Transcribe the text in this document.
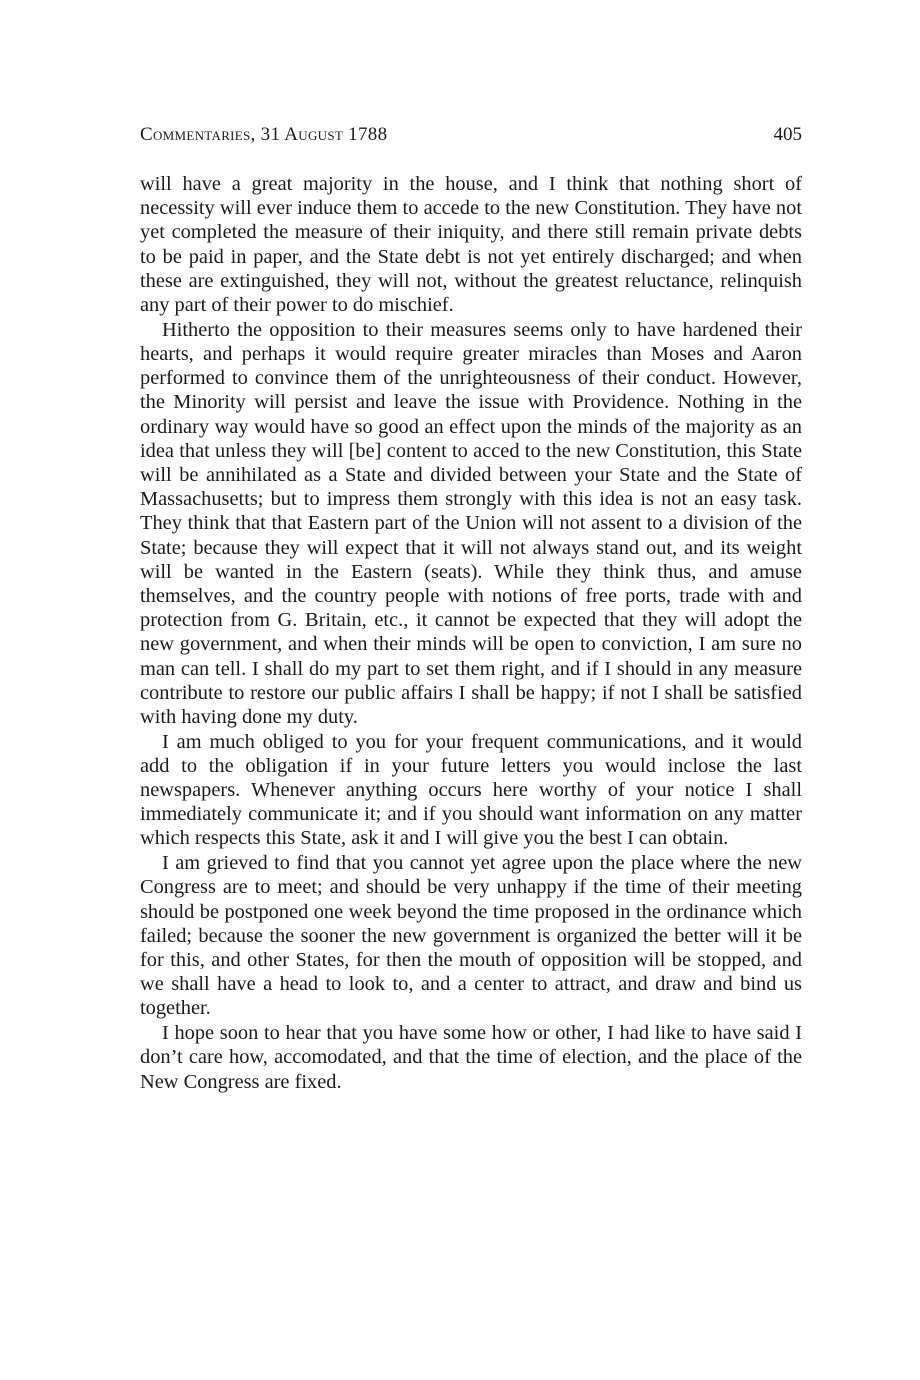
Commentaries, 31 August 1788	405

will have a great majority in the house, and I think that nothing short of necessity will ever induce them to accede to the new Constitution. They have not yet completed the measure of their iniquity, and there still remain private debts to be paid in paper, and the State debt is not yet entirely discharged; and when these are extinguished, they will not, without the greatest reluctance, relinquish any part of their power to do mischief.

Hitherto the opposition to their measures seems only to have hardened their hearts, and perhaps it would require greater miracles than Moses and Aaron performed to convince them of the unrighteousness of their conduct. However, the Minority will persist and leave the issue with Providence. Nothing in the ordinary way would have so good an effect upon the minds of the majority as an idea that unless they will [be] content to acced to the new Constitution, this State will be annihilated as a State and divided between your State and the State of Massachusetts; but to impress them strongly with this idea is not an easy task. They think that that Eastern part of the Union will not assent to a division of the State; because they will expect that it will not always stand out, and its weight will be wanted in the Eastern (seats). While they think thus, and amuse themselves, and the country people with notions of free ports, trade with and protection from G. Britain, etc., it cannot be expected that they will adopt the new government, and when their minds will be open to conviction, I am sure no man can tell. I shall do my part to set them right, and if I should in any measure contribute to restore our public affairs I shall be happy; if not I shall be satisfied with having done my duty.

I am much obliged to you for your frequent communications, and it would add to the obligation if in your future letters you would inclose the last newspapers. Whenever anything occurs here worthy of your notice I shall immediately communicate it; and if you should want information on any matter which respects this State, ask it and I will give you the best I can obtain.

I am grieved to find that you cannot yet agree upon the place where the new Congress are to meet; and should be very unhappy if the time of their meeting should be postponed one week beyond the time proposed in the ordinance which failed; because the sooner the new government is organized the better will it be for this, and other States, for then the mouth of opposition will be stopped, and we shall have a head to look to, and a center to attract, and draw and bind us together.

I hope soon to hear that you have some how or other, I had like to have said I don’t care how, accomodated, and that the time of election, and the place of the New Congress are fixed.
